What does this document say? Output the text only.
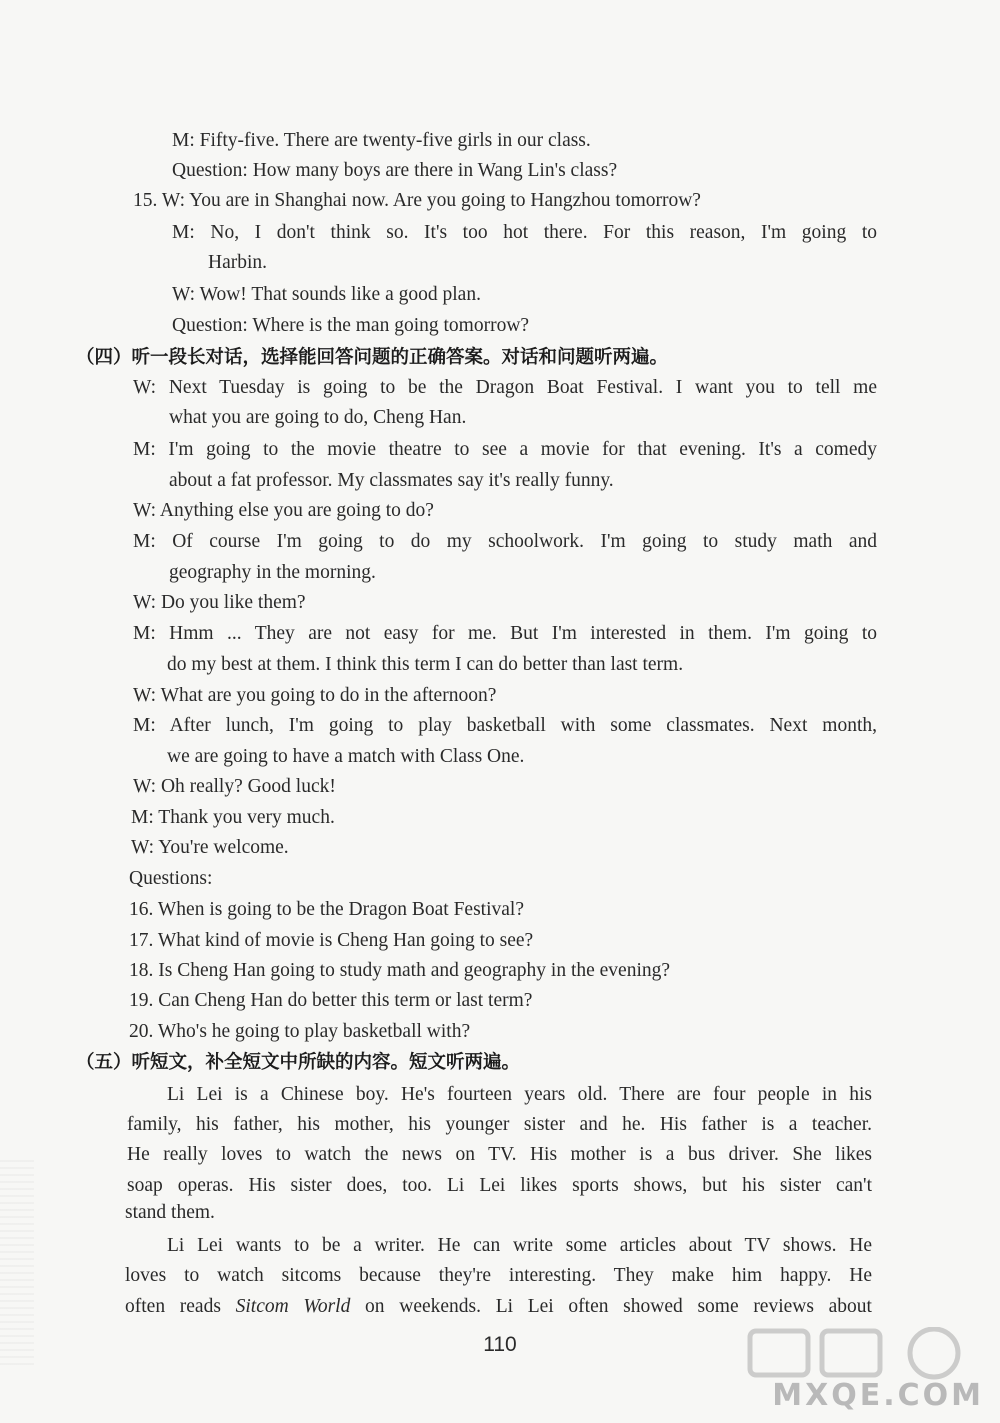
M: Fifty-five. There are twenty-five girls in our class.
Question: How many boys are there in Wang Lin's class?
15. W: You are in Shanghai now. Are you going to Hangzhou tomorrow?
M: No, I don't think so. It's too hot there. For this reason, I'm going to
Harbin.
W: Wow! That sounds like a good plan.
Question: Where is the man going tomorrow?
（四）听一段长对话，选择能回答问题的正确答案。对话和问题听两遍。
W: Next Tuesday is going to be the Dragon Boat Festival. I want you to tell me
what you are going to do, Cheng Han.
M: I'm going to the movie theatre to see a movie for that evening. It's a comedy
about a fat professor. My classmates say it's really funny.
W: Anything else you are going to do?
M: Of course I'm going to do my schoolwork. I'm going to study math and
geography in the morning.
W: Do you like them?
M: Hmm ... They are not easy for me. But I'm interested in them. I'm going to
do my best at them. I think this term I can do better than last term.
W: What are you going to do in the afternoon?
M: After lunch, I'm going to play basketball with some classmates. Next month,
we are going to have a match with Class One.
W: Oh really? Good luck!
M: Thank you very much.
W: You're welcome.
Questions:
16. When is going to be the Dragon Boat Festival?
17. What kind of movie is Cheng Han going to see?
18. Is Cheng Han going to study math and geography in the evening?
19. Can Cheng Han do better this term or last term?
20. Who's he going to play basketball with?
（五）听短文，补全短文中所缺的内容。短文听两遍。
Li Lei is a Chinese boy. He's fourteen years old. There are four people in his
family, his father, his mother, his younger sister and he. His father is a teacher.
He really loves to watch the news on TV. His mother is a bus driver. She likes
soap operas. His sister does, too. Li Lei likes sports shows, but his sister can't
stand them.
Li Lei wants to be a writer. He can write some articles about TV shows. He
loves to watch sitcoms because they're interesting. They make him happy. He
often reads Sitcom World on weekends. Li Lei often showed some reviews about
110
MXQE.COM
